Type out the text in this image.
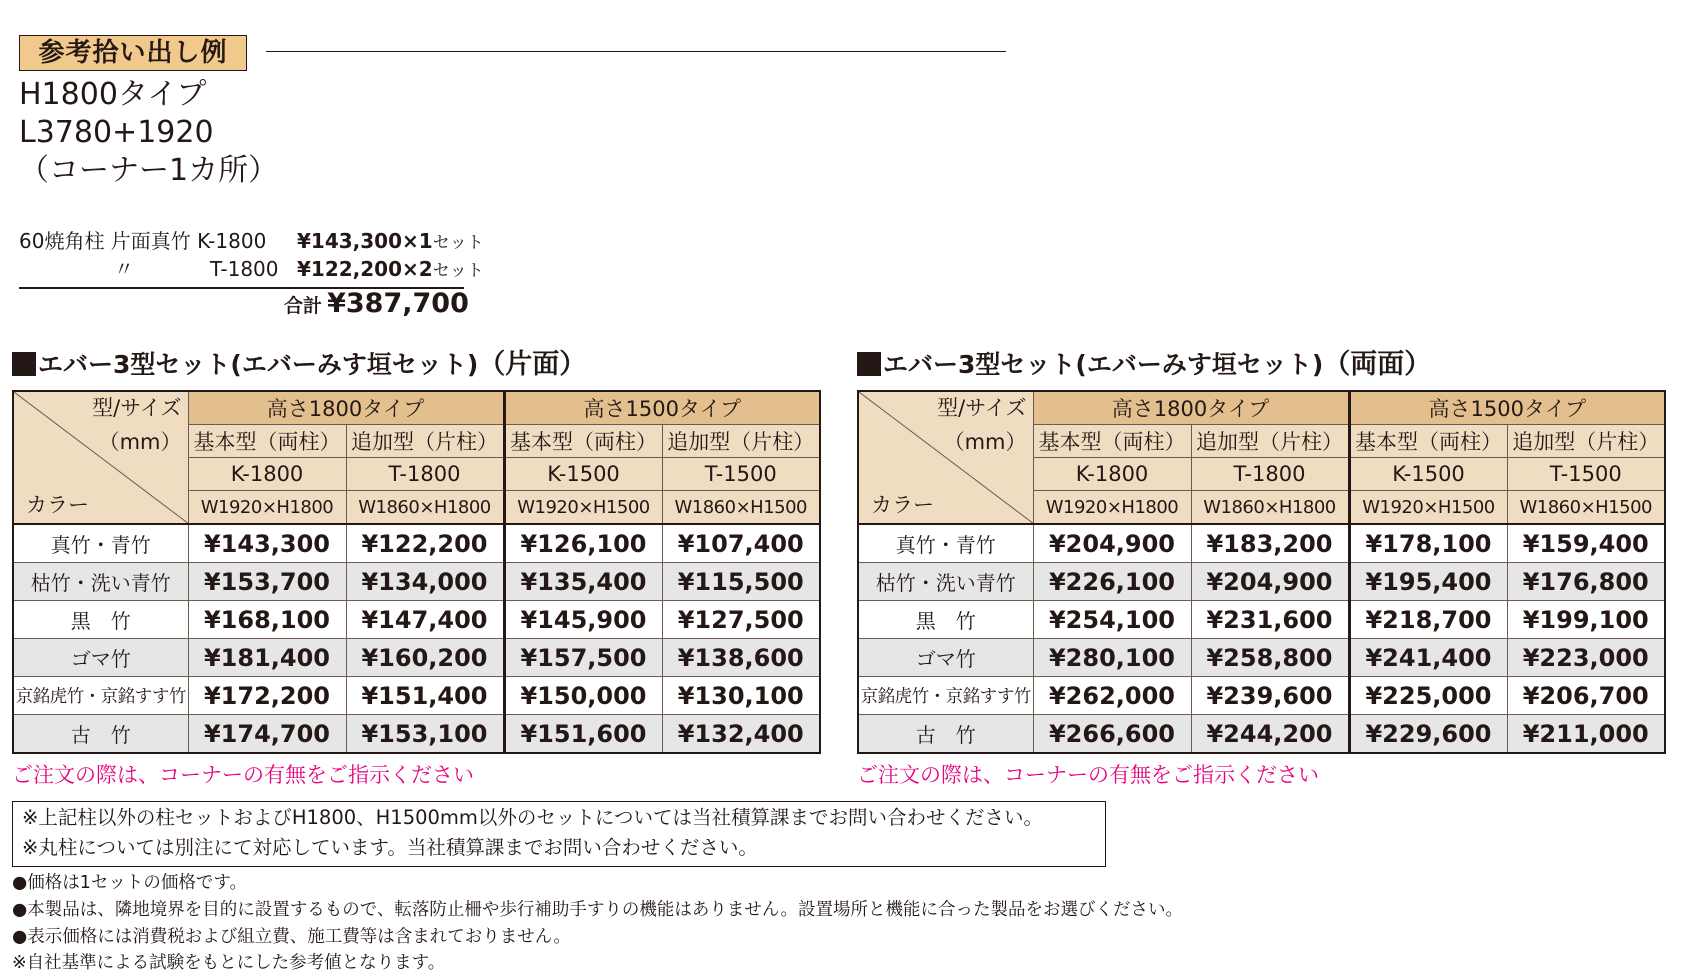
参考拾い出し例
H1800タイプ
L3780+1920
（コーナー1カ所）
60焼角柱 片面真竹 K-1800 ¥143,300×1セット
〃	T-1800 ¥122,200×2セット
合計 ¥387,700
エバー3型セット(エバーみす垣セット)（片面）	エバー3型セット(エバーみす垣セット)（両面）
型/サイズ
（mm）
カラー	高さ1800タイプ		高さ1500タイプ	
	基本型（両柱）	追加型（片柱）	基本型（両柱）	追加型（片柱）
	K-1800	T-1800	K-1500	T-1500
	W1920×H1800	W1860×H1800	W1920×H1500	W1860×H1500
真竹・青竹	¥143,300	¥122,200	¥126,100	¥107,400
枯竹・洗い青竹	¥153,700	¥134,000	¥135,400	¥115,500
黒　竹	¥168,100	¥147,400	¥145,900	¥127,500
ゴマ竹	¥181,400	¥160,200	¥157,500	¥138,600
京銘虎竹・京銘すす竹	¥172,200	¥151,400	¥150,000	¥130,100
古　竹	¥174,700	¥153,100	¥151,600	¥132,400
型/サイズ
（mm）
カラー	高さ1800タイプ		高さ1500タイプ	
	基本型（両柱）	追加型（片柱）	基本型（両柱）	追加型（片柱）
	K-1800	T-1800	K-1500	T-1500
	W1920×H1800	W1860×H1800	W1920×H1500	W1860×H1500
真竹・青竹	¥204,900	¥183,200	¥178,100	¥159,400
枯竹・洗い青竹	¥226,100	¥204,900	¥195,400	¥176,800
黒　竹	¥254,100	¥231,600	¥218,700	¥199,100
ゴマ竹	¥280,100	¥258,800	¥241,400	¥223,000
京銘虎竹・京銘すす竹	¥262,000	¥239,600	¥225,000	¥206,700
古　竹	¥266,600	¥244,200	¥229,600	¥211,000
ご注文の際は、コーナーの有無をご指示ください	ご注文の際は、コーナーの有無をご指示ください
※上記柱以外の柱セットおよびH1800、H1500mm以外のセットについては当社積算課までお問い合わせください。
※丸柱については別注にて対応しています。当社積算課までお問い合わせください。
●価格は1セットの価格です。
●本製品は、隣地境界を目的に設置するもので、転落防止柵や歩行補助手すりの機能はありません。設置場所と機能に合った製品をお選びください。
●表示価格には消費税および組立費、施工費等は含まれておりません。
※自社基準による試験をもとにした参考値となります。
